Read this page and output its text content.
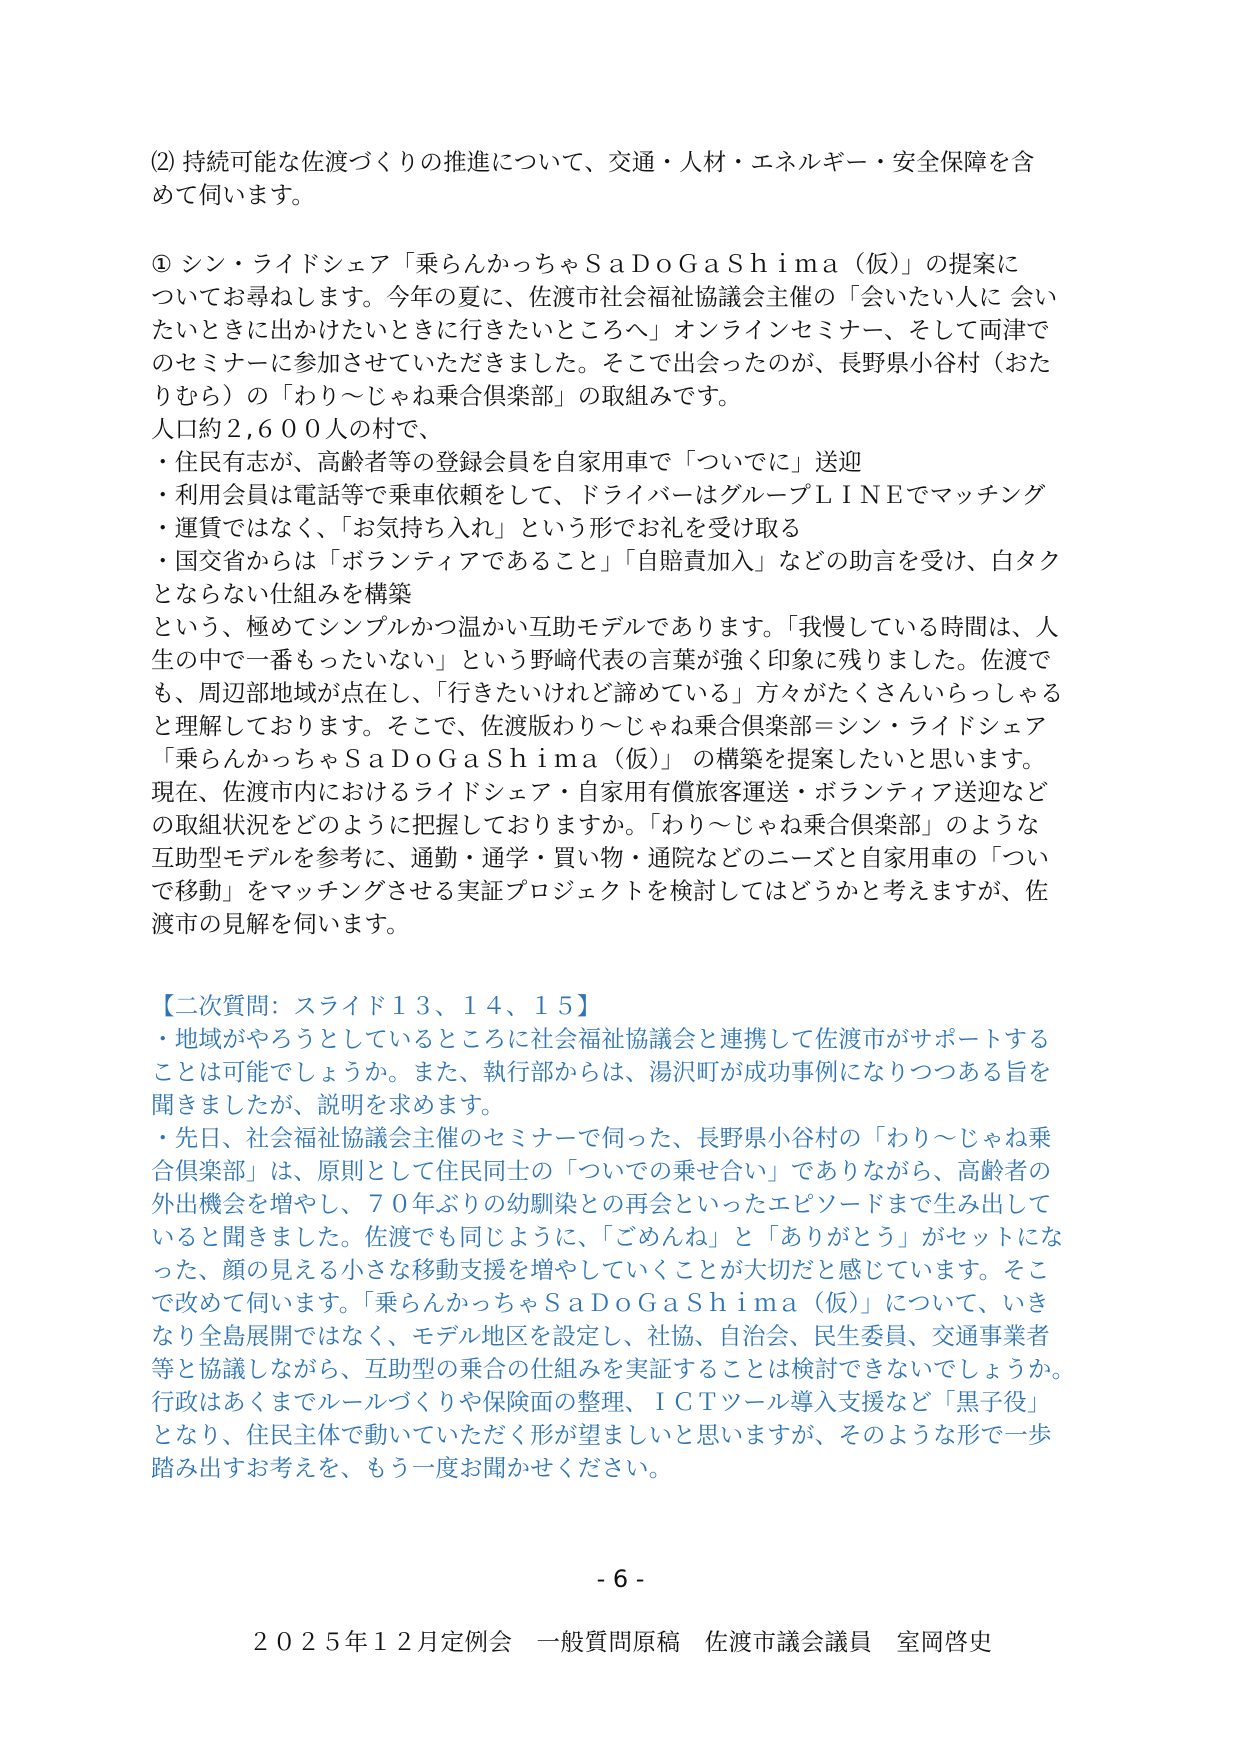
⑵ 持続可能な佐渡づくりの推進について、交通・人材・エネルギー・安全保障を含

めて伺います。

① シン・ライドシェア「乗らんかっちゃＳａＤｏＧａＳｈｉｍａ（仮）」の提案に

ついてお尋ねします。今年の夏に、佐渡市社会福祉協議会主催の「会いたい人に 会い

たいときに出かけたいときに行きたいところへ」オンラインセミナー、そして両津で

のセミナーに参加させていただきました。そこで出会ったのが、長野県小谷村（おた

りむら）の「わり～じゃね乗合倶楽部」の取組みです。

人口約２,６００人の村で、

・住民有志が、高齢者等の登録会員を自家用車で「ついでに」送迎

・利用会員は電話等で乗車依頼をして、ドライバーはグループＬＩＮＥでマッチング

・運賃ではなく、「お気持ち入れ」という形でお礼を受け取る

・国交省からは「ボランティアであること」「自賠責加入」などの助言を受け、白タク

とならない仕組みを構築

という、極めてシンプルかつ温かい互助モデルであります。「我慢している時間は、人

生の中で一番もったいない」という野﨑代表の言葉が強く印象に残りました。佐渡で

も、周辺部地域が点在し、「行きたいけれど諦めている」方々がたくさんいらっしゃる

と理解しております。そこで、佐渡版わり～じゃね乗合倶楽部＝シン・ライドシェア

「乗らんかっちゃＳａＤｏＧａＳｈｉｍａ（仮）」 の構築を提案したいと思います。

現在、佐渡市内におけるライドシェア・自家用有償旅客運送・ボランティア送迎など

の取組状況をどのように把握しておりますか。「わり～じゃね乗合倶楽部」のような

互助型モデルを参考に、通勤・通学・買い物・通院などのニーズと自家用車の「つい

で移動」をマッチングさせる実証プロジェクトを検討してはどうかと考えますが、佐

渡市の見解を伺います。

【二次質問：スライド１３、１４、１５】

・地域がやろうとしているところに社会福祉協議会と連携して佐渡市がサポートする

ことは可能でしょうか。また、執行部からは、湯沢町が成功事例になりつつある旨を

聞きましたが、説明を求めます。

・先日、社会福祉協議会主催のセミナーで伺った、長野県小谷村の「わり～じゃね乗

合倶楽部」は、原則として住民同士の「ついでの乗せ合い」でありながら、高齢者の

外出機会を増やし、７０年ぶりの幼馴染との再会といったエピソードまで生み出して

いると聞きました。佐渡でも同じように、「ごめんね」と「ありがとう」がセットにな

った、顔の見える小さな移動支援を増やしていくことが大切だと感じています。そこ

で改めて伺います。「乗らんかっちゃＳａＤｏＧａＳｈｉｍａ（仮）」について、いき

なり全島展開ではなく、モデル地区を設定し、社協、自治会、民生委員、交通事業者

等と協議しながら、互助型の乗合の仕組みを実証することは検討できないでしょうか。

行政はあくまでルールづくりや保険面の整理、ＩＣＴツール導入支援など「黒子役」

となり、住民主体で動いていただく形が望ましいと思いますが、そのような形で一歩

踏み出すお考えを、もう一度お聞かせください。

- 6 -
２０２５年１２月定例会　一般質問原稿　佐渡市議会議員　室岡啓史
